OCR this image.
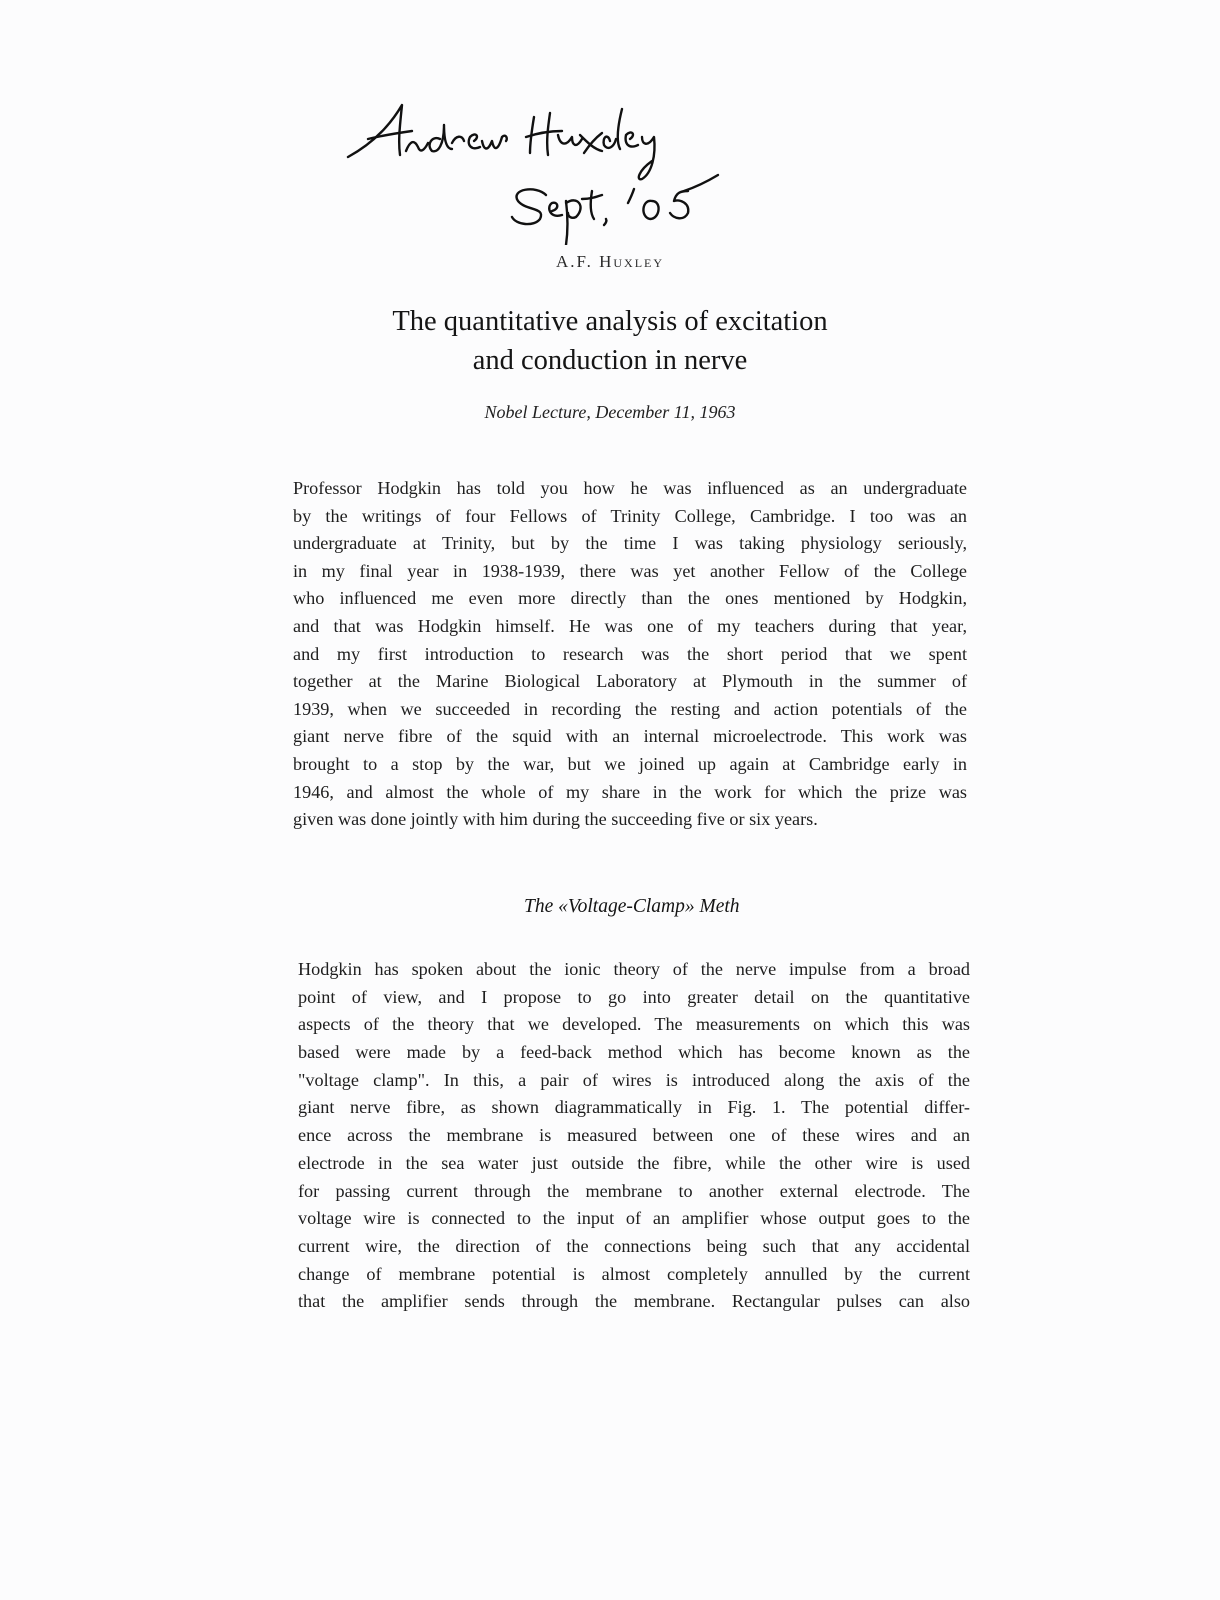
A.F. Huxley
The quantitative analysis of excitation
and conduction in nerve
Nobel Lecture, December 11, 1963
Professor Hodgkin has told you how he was influenced as an undergraduate
by the writings of four Fellows of Trinity College, Cambridge. I too was an
undergraduate at Trinity, but by the time I was taking physiology seriously,
in my final year in 1938-1939, there was yet another Fellow of the College
who influenced me even more directly than the ones mentioned by Hodgkin,
and that was Hodgkin himself. He was one of my teachers during that year,
and my first introduction to research was the short period that we spent
together at the Marine Biological Laboratory at Plymouth in the summer of
1939, when we succeeded in recording the resting and action potentials of the
giant nerve fibre of the squid with an internal microelectrode. This work was
brought to a stop by the war, but we joined up again at Cambridge early in
1946, and almost the whole of my share in the work for which the prize was
given was done jointly with him during the succeeding five or six years.
The «Voltage-Clamp» Meth
Hodgkin has spoken about the ionic theory of the nerve impulse from a broad
point of view, and I propose to go into greater detail on the quantitative
aspects of the theory that we developed. The measurements on which this was
based were made by a feed-back method which has become known as the
"voltage clamp". In this, a pair of wires is introduced along the axis of the
giant nerve fibre, as shown diagrammatically in Fig. 1. The potential differ-
ence across the membrane is measured between one of these wires and an
electrode in the sea water just outside the fibre, while the other wire is used
for passing current through the membrane to another external electrode. The
voltage wire is connected to the input of an amplifier whose output goes to the
current wire, the direction of the connections being such that any accidental
change of membrane potential is almost completely annulled by the current
that the amplifier sends through the membrane. Rectangular pulses can also
